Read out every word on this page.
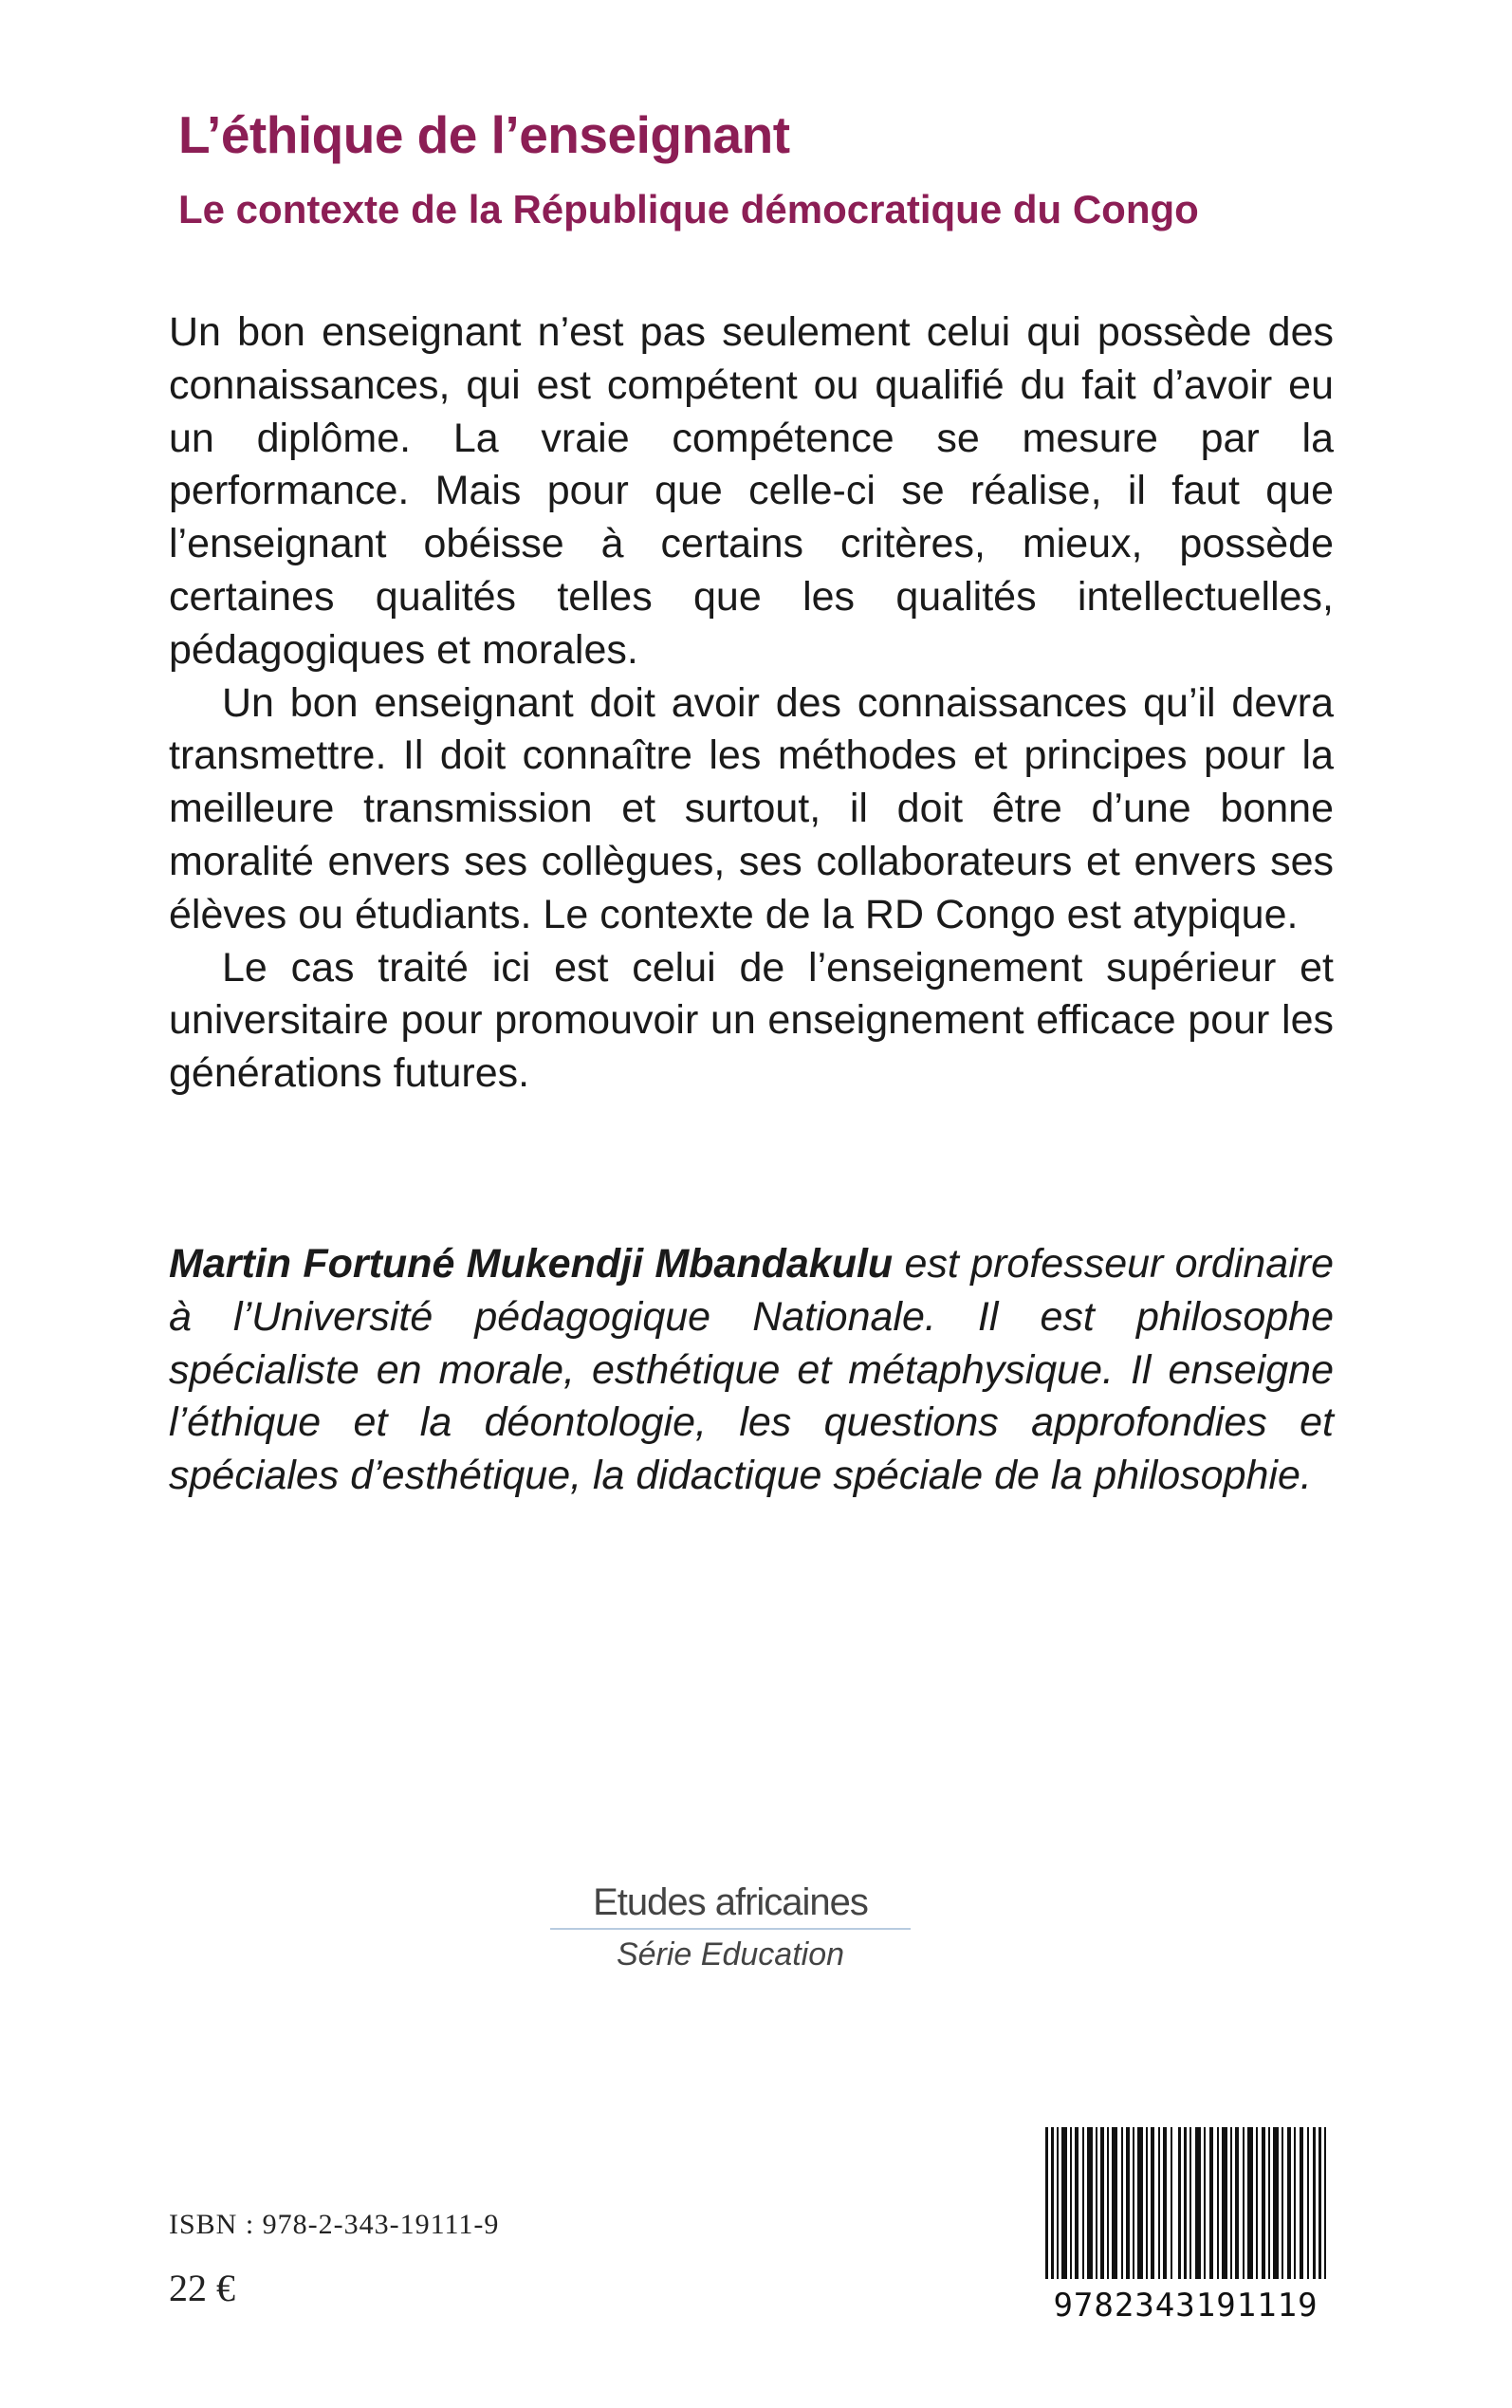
L’éthique de l’enseignant
Le contexte de la République démocratique du Congo

Un bon enseignant n’est pas seulement celui qui possède des connaissances, qui est compétent ou qualifié du fait d’avoir eu un diplôme. La vraie compétence se mesure par la performance. Mais pour que celle-ci se réalise, il faut que l’enseignant obéisse à certains critères, mieux, possède certaines qualités telles que les qualités intellectuelles, pédagogiques et morales.

Un bon enseignant doit avoir des connaissances qu’il devra transmettre. Il doit connaître les méthodes et principes pour la meilleure transmission et surtout, il doit être d’une bonne moralité envers ses collègues, ses collaborateurs et envers ses élèves ou étudiants. Le contexte de la RD Congo est atypique.

Le cas traité ici est celui de l’enseignement supérieur et universitaire pour promouvoir un enseignement efficace pour les générations futures.

Martin Fortuné Mukendji Mbandakulu est professeur ordinaire à l’Université pédagogique Nationale. Il est philosophe spécialiste en morale, esthétique et métaphysique. Il enseigne l’éthique et la déontologie, les questions approfondies et spéciales d’esthétique, la didactique spéciale de la philosophie.

Etudes africaines
Série Education
ISBN : 978-2-343-19111-9
22 €	9782343191119
